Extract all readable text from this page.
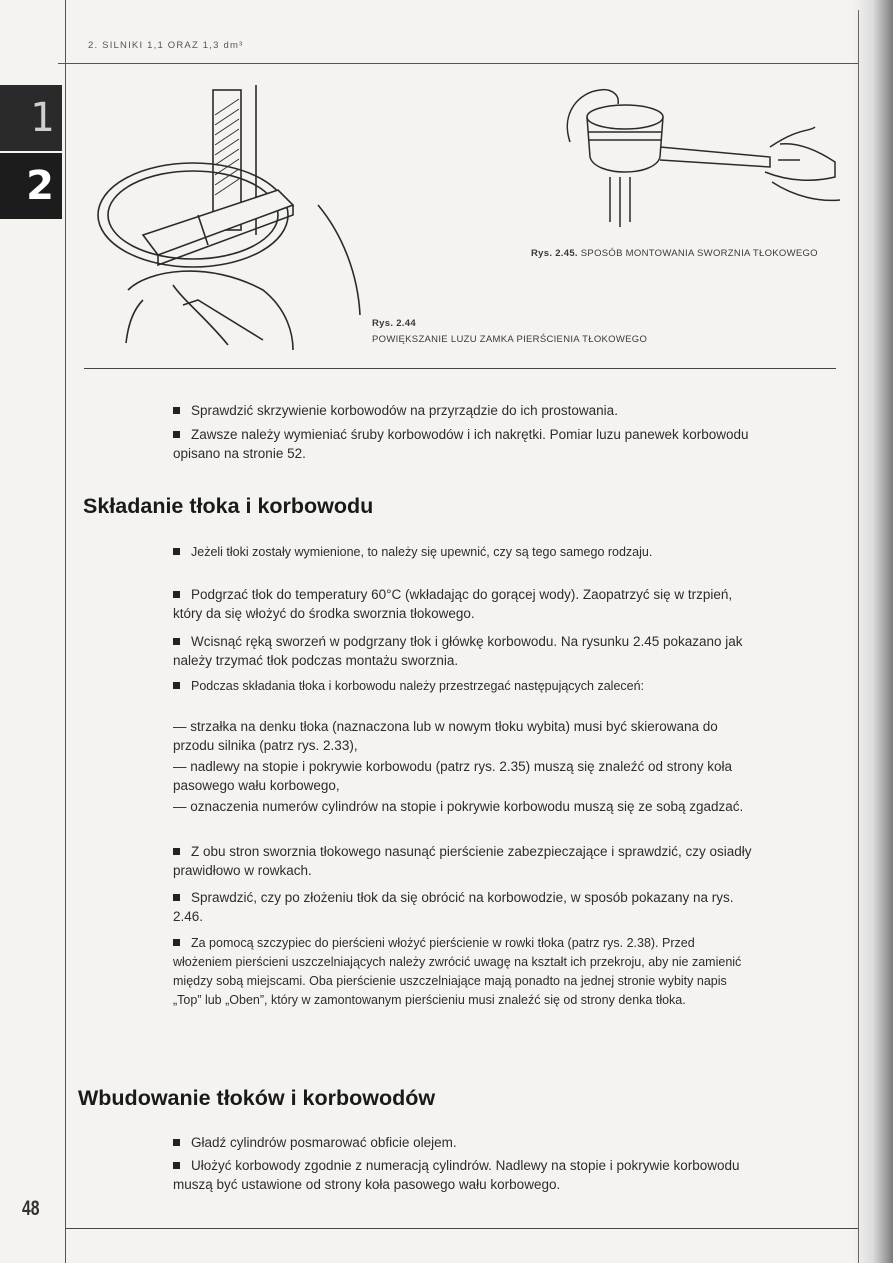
2. SILNIKI 1,1 ORAZ 1,3 dm³
1
2
Rys. 2.45. SPOSÓB MONTOWANIA SWORZNIA TŁOKOWEGO
Rys. 2.44
POWIĘKSZANIE LUZU ZAMKA PIERŚCIENIA TŁOKOWEGO
Sprawdzić skrzywienie korbowodów na przyrządzie do ich prostowania.
Zawsze należy wymieniać śruby korbowodów i ich nakrętki. Pomiar luzu panewek korbowodu opisano na stronie 52.
Składanie tłoka i korbowodu
Jeżeli tłoki zostały wymienione, to należy się upewnić, czy są tego samego rodzaju.
Podgrzać tłok do temperatury 60°C (wkładając do gorącej wody). Zaopatrzyć się w trzpień, który da się włożyć do środka sworznia tłokowego.
Wcisnąć ręką sworzeń w podgrzany tłok i główkę korbowodu. Na rysunku 2.45 pokazano jak należy trzymać tłok podczas montażu sworznia.
Podczas składania tłoka i korbowodu należy przestrzegać następujących zaleceń:
— strzałka na denku tłoka (naznaczona lub w nowym tłoku wybita) musi być skierowana do przodu silnika (patrz rys. 2.33),
— nadlewy na stopie i pokrywie korbowodu (patrz rys. 2.35) muszą się znaleźć od strony koła pasowego wału korbowego,
— oznaczenia numerów cylindrów na stopie i pokrywie korbowodu muszą się ze sobą zgadzać.
Z obu stron sworznia tłokowego nasunąć pierścienie zabezpieczające i sprawdzić, czy osiadły prawidłowo w rowkach.
Sprawdzić, czy po złożeniu tłok da się obrócić na korbowodzie, w sposób pokazany na rys. 2.46.
Za pomocą szczypiec do pierścieni włożyć pierścienie w rowki tłoka (patrz rys. 2.38). Przed włożeniem pierścieni uszczelniających należy zwrócić uwagę na kształt ich przekroju, aby nie zamienić między sobą miejscami. Oba pierścienie uszczelniające mają ponadto na jednej stronie wybity napis „Top” lub „Oben”, który w zamontowanym pierścieniu musi znaleźć się od strony denka tłoka.
Wbudowanie tłoków i korbowodów
Gładź cylindrów posmarować obficie olejem.
Ułożyć korbowody zgodnie z numeracją cylindrów. Nadlewy na stopie i pokrywie korbowodu muszą być ustawione od strony koła pasowego wału korbowego.
48
